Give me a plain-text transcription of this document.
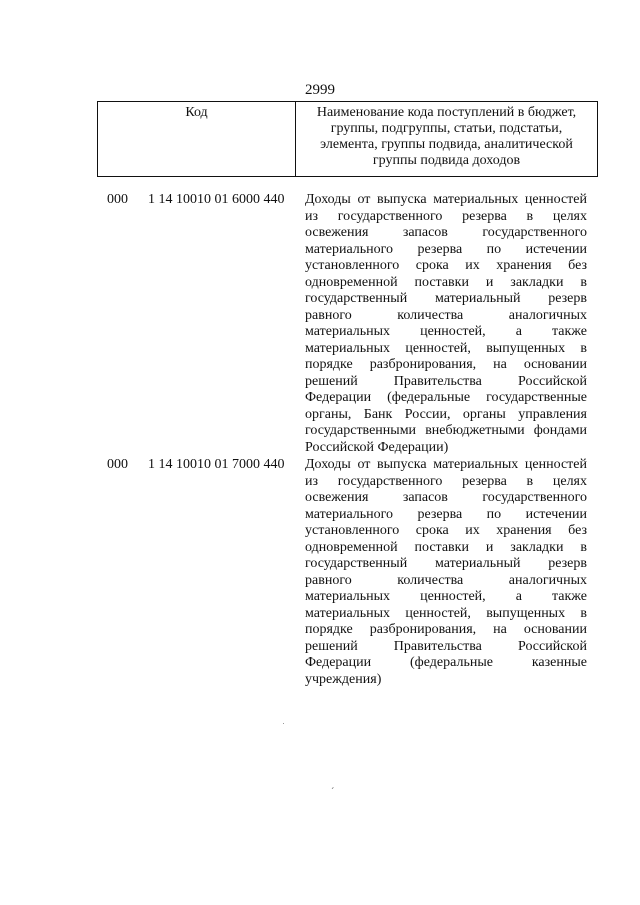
2999
Код	Наименование кода поступлений в бюджет, группы, подгруппы, статьи, подстатьи, элемента, группы подвида, аналитической группы подвида доходов
000 1 14 10010 01 6000 440 Доходы от выпуска материальных ценностей из государственного резерва в целях освежения запасов государственного материального резерва по истечении установленного срока их хранения без одновременной поставки и закладки в государственный материальный резерв равного количества аналогичных материальных ценностей, а также материальных ценностей, выпущенных в порядке разбронирования, на основании решений Правительства Российской Федерации (федеральные государственные органы, Банк России, органы управления государственными внебюджетными фондами Российской Федерации)
000 1 14 10010 01 7000 440 Доходы от выпуска материальных ценностей из государственного резерва в целях освежения запасов государственного материального резерва по истечении установленного срока их хранения без одновременной поставки и закладки в государственный материальный резерв равного количества аналогичных материальных ценностей, а также материальных ценностей, выпущенных в порядке разбронирования, на основании решений Правительства Российской Федерации (федеральные казенные учреждения)
ˊ
